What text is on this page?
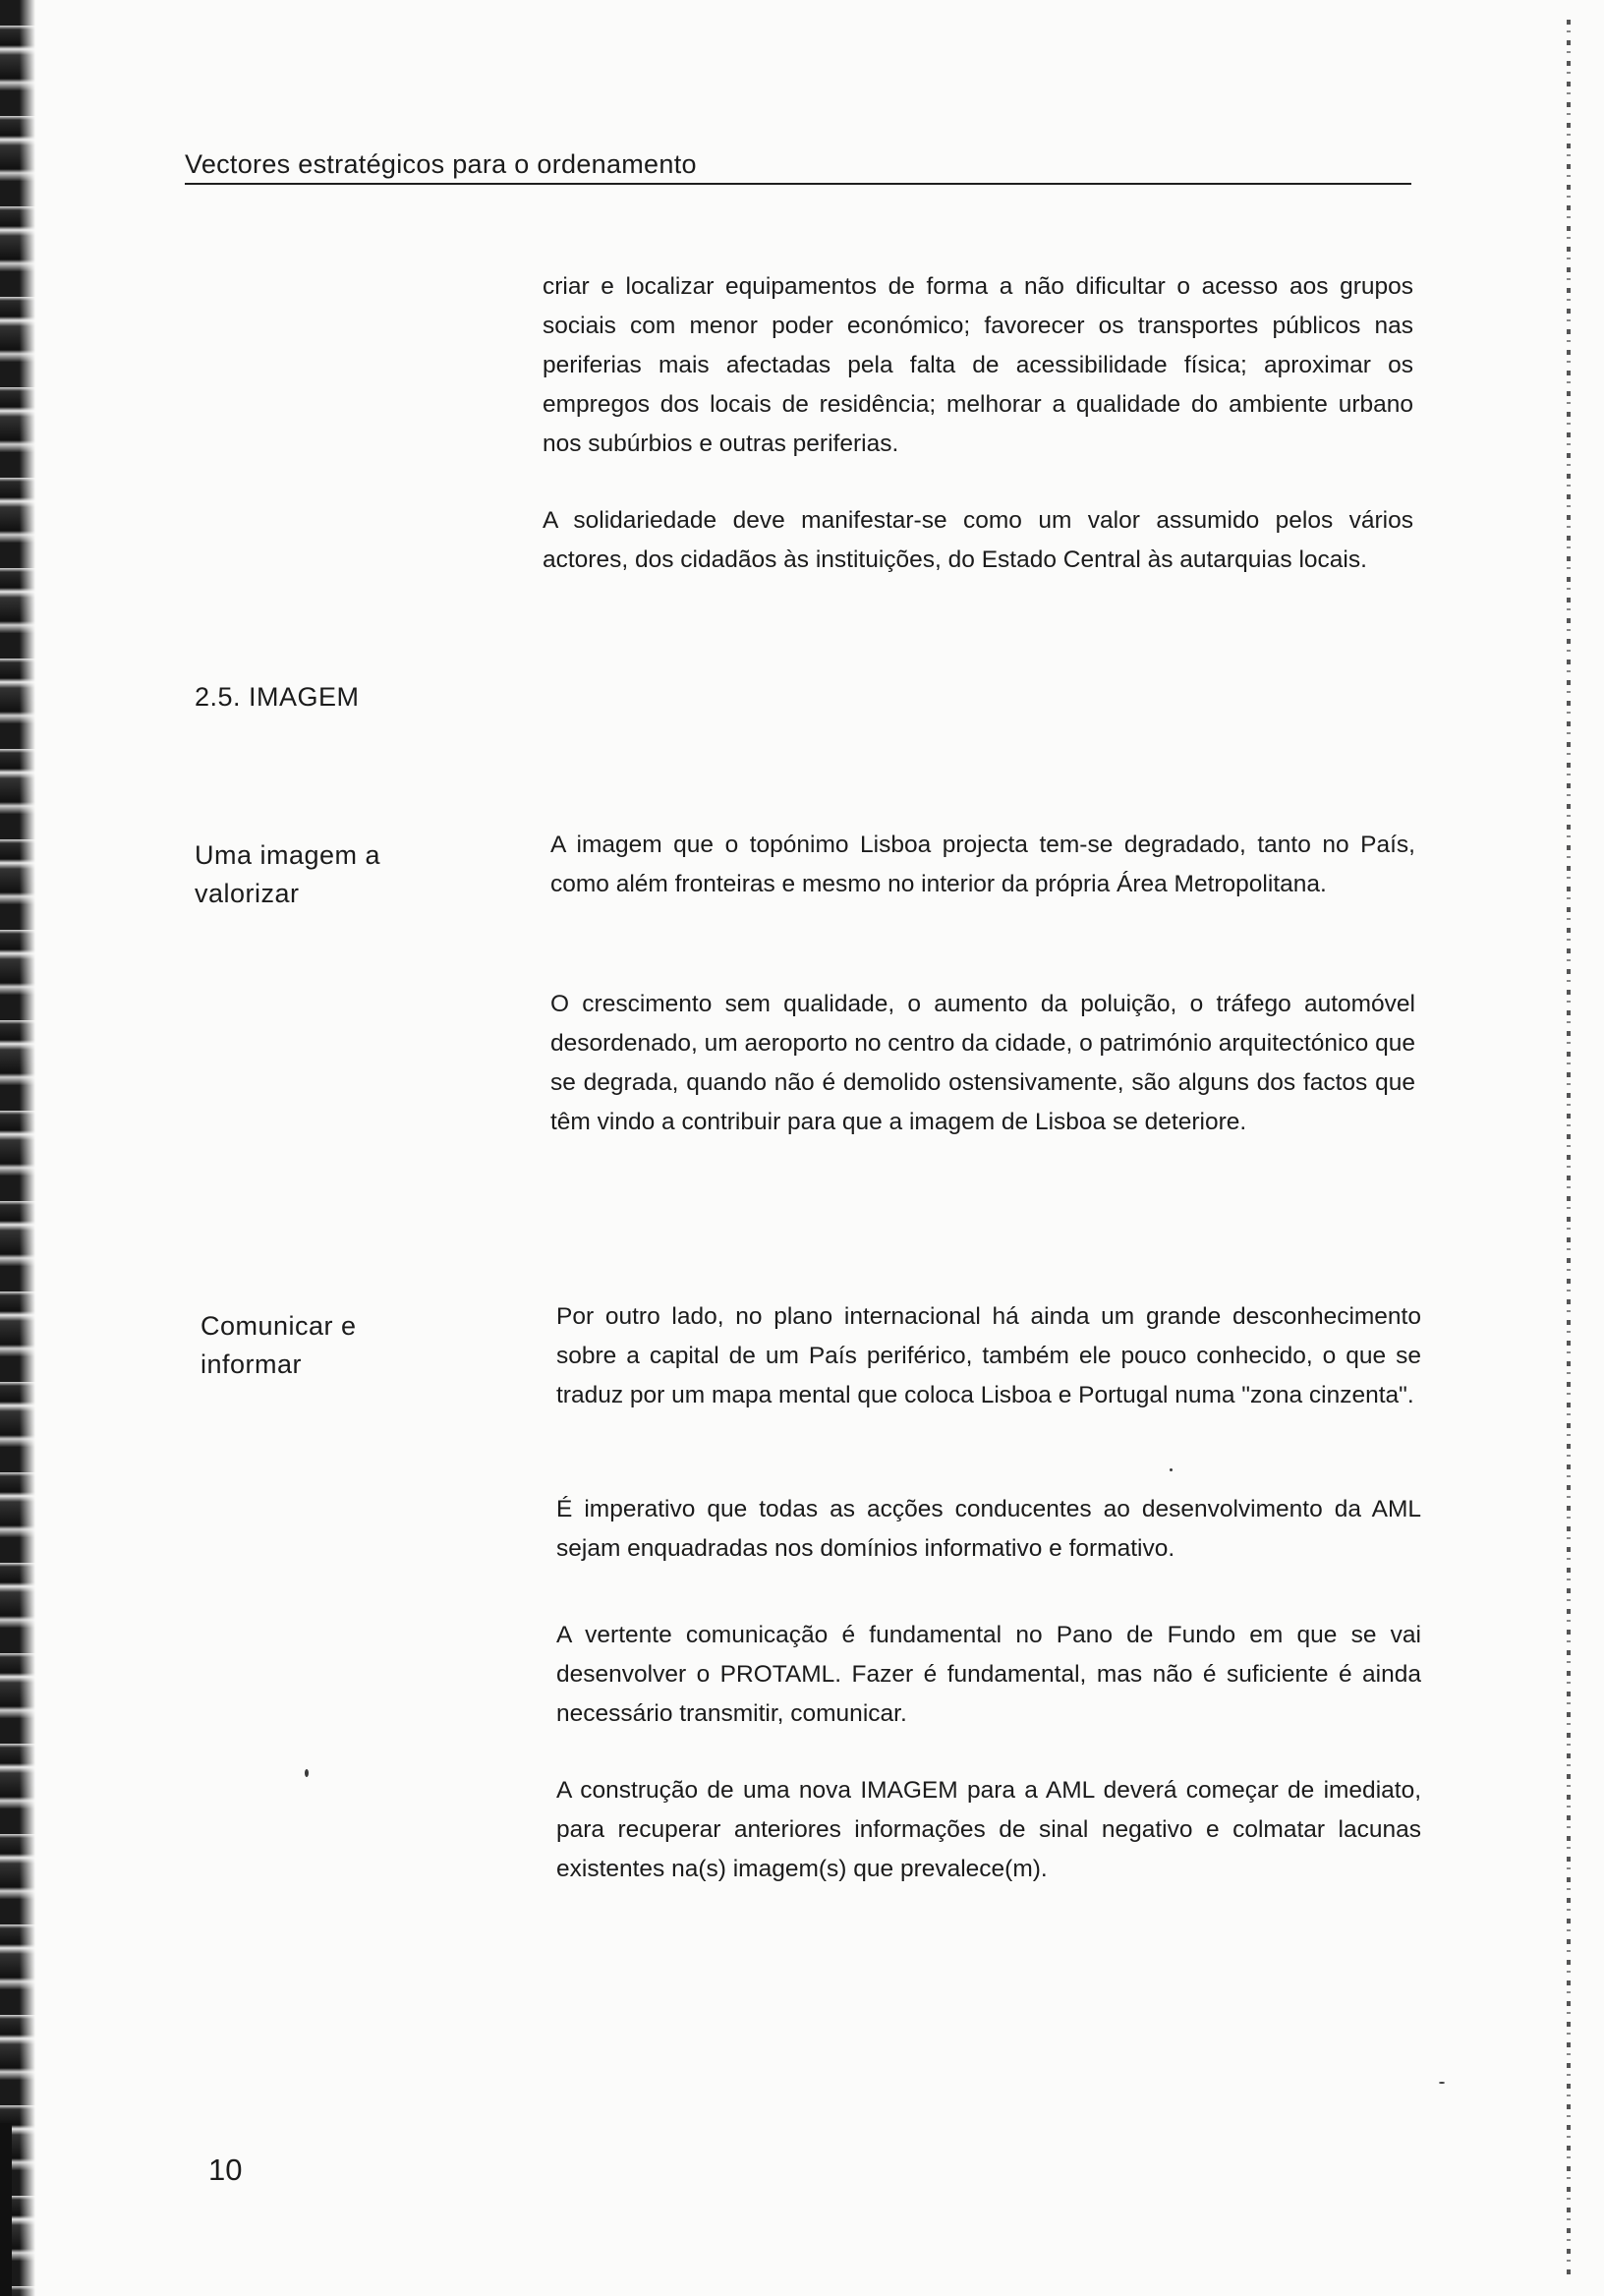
Vectores estratégicos para o ordenamento

criar e localizar equipamentos de forma a não dificultar o acesso aos grupos sociais com menor poder económico; favorecer os transportes públicos nas periferias mais afectadas pela falta de acessibilidade física; aproximar os empregos dos locais de residência; melhorar a qualidade do ambiente urbano nos subúrbios e outras periferias.

A solidariedade deve manifestar-se como um valor assumido pelos vários actores, dos cidadãos às instituições, do Estado Central às autarquias locais.

2.5. IMAGEM
Uma imagem a valorizar

A imagem que o topónimo Lisboa projecta tem-se degradado, tanto no País, como além fronteiras e mesmo no interior da própria Área Metropolitana.

O crescimento sem qualidade, o aumento da poluição, o tráfego automóvel desordenado, um aeroporto no centro da cidade, o património arquitectónico que se degrada, quando não é demolido ostensivamente, são alguns dos factos que têm vindo a contribuir para que a imagem de Lisboa se deteriore.

Comunicar e informar

Por outro lado, no plano internacional há ainda um grande desconhecimento sobre a capital de um País periférico, também ele pouco conhecido, o que se traduz por um mapa mental que coloca Lisboa e Portugal numa "zona cinzenta".

É imperativo que todas as acções conducentes ao desenvolvimento da AML sejam enquadradas nos domínios informativo e formativo.

A vertente comunicação é fundamental no Pano de Fundo em que se vai desenvolver o PROTAML. Fazer é fundamental, mas não é suficiente é ainda necessário transmitir, comunicar.

A construção de uma nova IMAGEM para a AML deverá começar de imediato, para recuperar anteriores informações de sinal negativo e colmatar lacunas existentes na(s) imagem(s) que prevalece(m).

10
